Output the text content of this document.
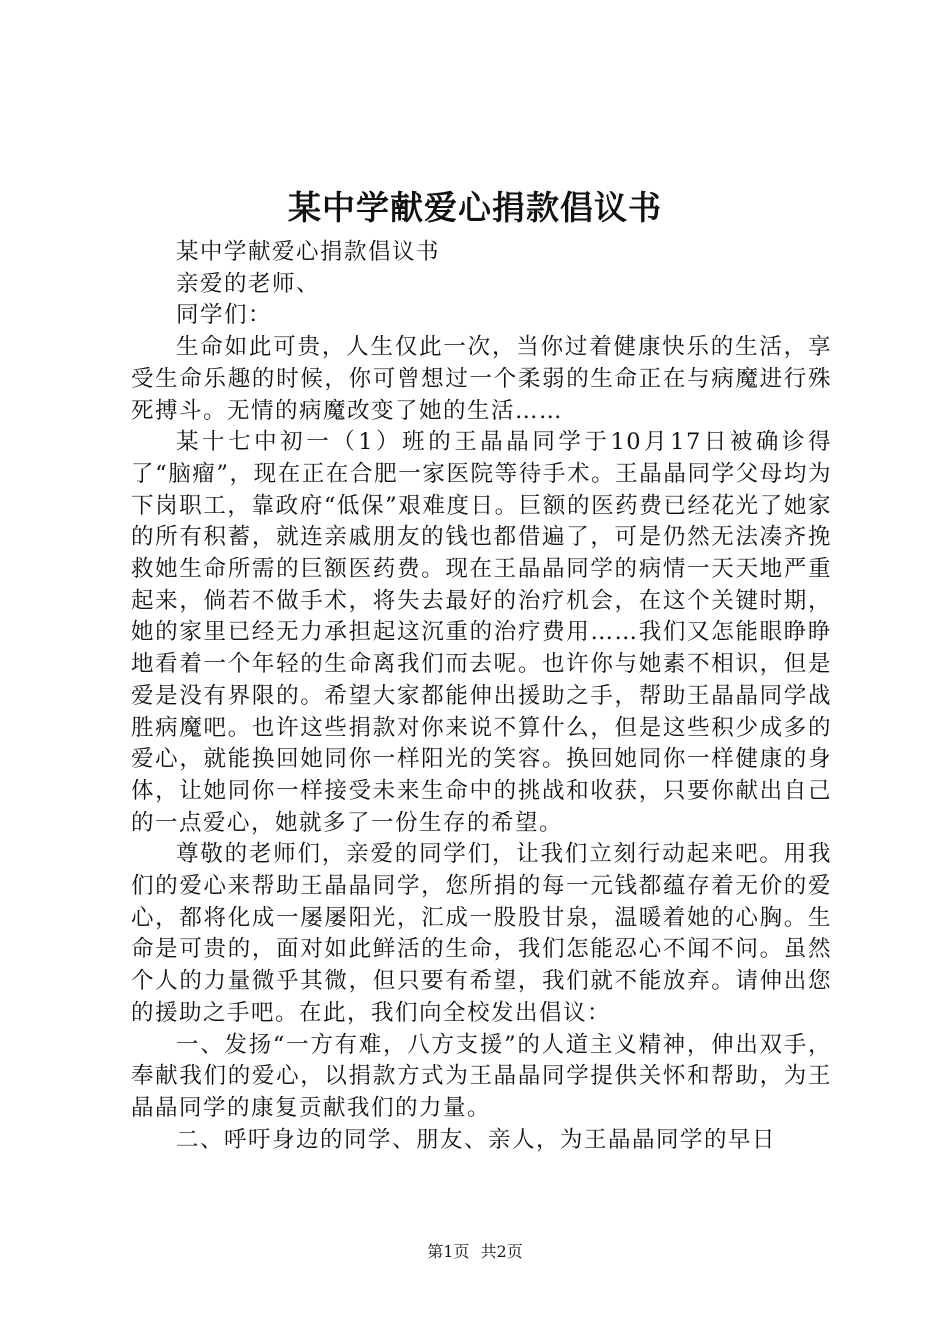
某中学献爱心捐款倡议书

某中学献爱心捐款倡议书

亲爱的老师、

同学们：

生命如此可贵，人生仅此一次，当你过着健康快乐的生活，享受生命乐趣的时候，你可曾想过一个柔弱的生命正在与病魔进行殊死搏斗。无情的病魔改变了她的生活……

某十七中初一（1）班的王晶晶同学于10月17日被确诊得了“脑瘤”，现在正在合肥一家医院等待手术。王晶晶同学父母均为下岗职工，靠政府“低保”艰难度日。巨额的医药费已经花光了她家的所有积蓄，就连亲戚朋友的钱也都借遍了，可是仍然无法凑齐挽救她生命所需的巨额医药费。现在王晶晶同学的病情一天天地严重起来，倘若不做手术，将失去最好的治疗机会，在这个关键时期，她的家里已经无力承担起这沉重的治疗费用……我们又怎能眼睁睁地看着一个年轻的生命离我们而去呢。也许你与她素不相识，但是爱是没有界限的。希望大家都能伸出援助之手，帮助王晶晶同学战胜病魔吧。也许这些捐款对你来说不算什么，但是这些积少成多的爱心，就能换回她同你一样阳光的笑容。换回她同你一样健康的身体，让她同你一样接受未来生命中的挑战和收获，只要你献出自己的一点爱心，她就多了一份生存的希望。

尊敬的老师们，亲爱的同学们，让我们立刻行动起来吧。用我们的爱心来帮助王晶晶同学，您所捐的每一元钱都蕴存着无价的爱心，都将化成一屡屡阳光，汇成一股股甘泉，温暖着她的心胸。生命是可贵的，面对如此鲜活的生命，我们怎能忍心不闻不问。虽然个人的力量微乎其微，但只要有希望，我们就不能放弃。请伸出您的援助之手吧。在此，我们向全校发出倡议：

一、发扬“一方有难，八方支援”的人道主义精神，伸出双手，奉献我们的爱心，以捐款方式为王晶晶同学提供关怀和帮助，为王晶晶同学的康复贡献我们的力量。

二、呼吁身边的同学、朋友、亲人，为王晶晶同学的早日

第1页 共2页
